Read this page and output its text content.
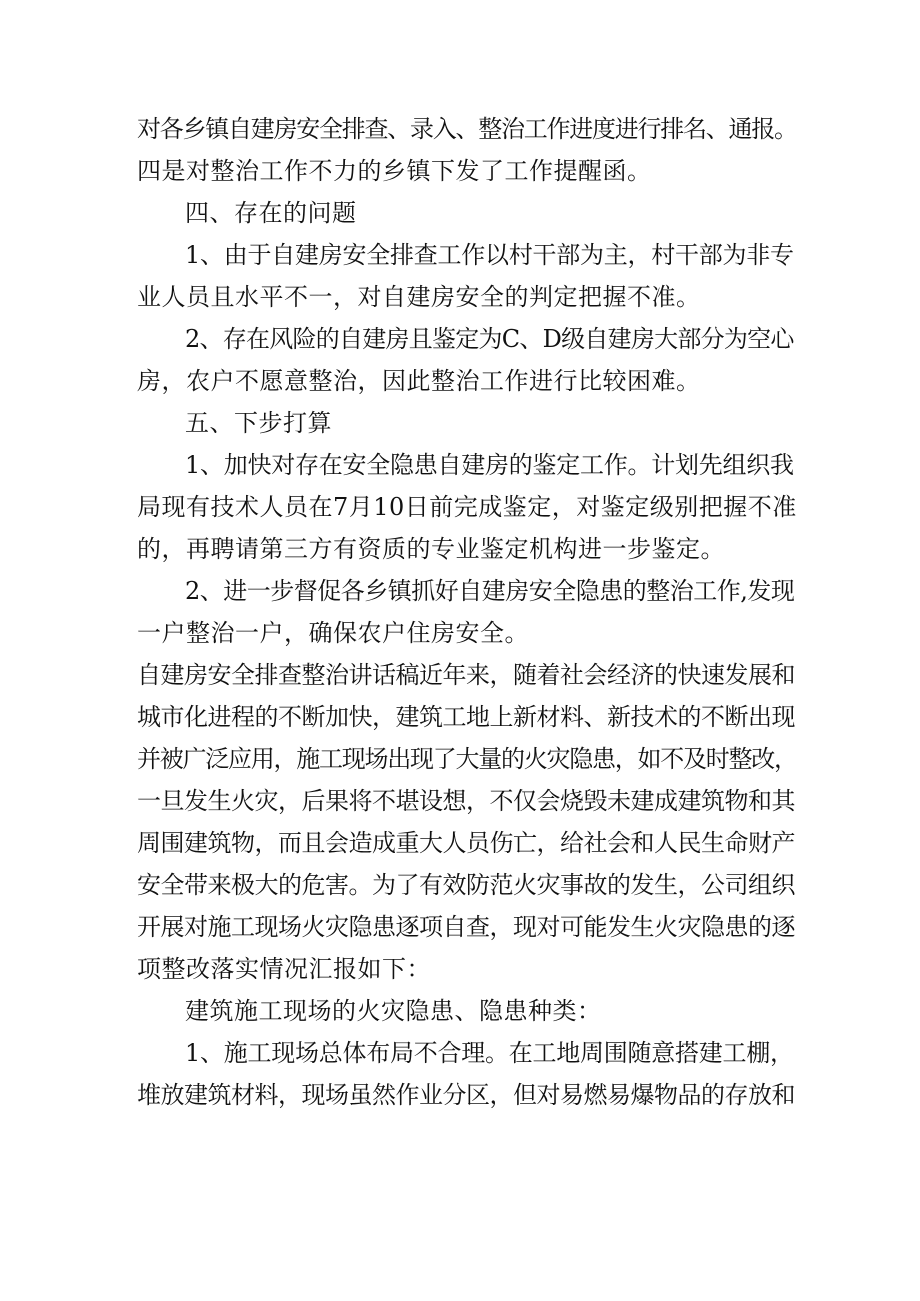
对各乡镇自建房安全排查、录入、整治工作进度进行排名、通报。
四是对整治工作不力的乡镇下发了工作提醒函。
四、存在的问题
1、由于自建房安全排查工作以村干部为主，村干部为非专
业人员且水平不一，对自建房安全的判定把握不准。
2、存在风险的自建房且鉴定为C、D级自建房大部分为空心
房，农户不愿意整治，因此整治工作进行比较困难。
五、下步打算
1、加快对存在安全隐患自建房的鉴定工作。计划先组织我
局现有技术人员在7月10日前完成鉴定，对鉴定级别把握不准
的，再聘请第三方有资质的专业鉴定机构进一步鉴定。
2、进一步督促各乡镇抓好自建房安全隐患的整治工作,发现
一户整治一户，确保农户住房安全。
自建房安全排查整治讲话稿近年来，随着社会经济的快速发展和
城市化进程的不断加快，建筑工地上新材料、新技术的不断出现
并被广泛应用，施工现场出现了大量的火灾隐患，如不及时整改，
一旦发生火灾，后果将不堪设想，不仅会烧毁未建成建筑物和其
周围建筑物，而且会造成重大人员伤亡，给社会和人民生命财产
安全带来极大的危害。为了有效防范火灾事故的发生，公司组织
开展对施工现场火灾隐患逐项自查，现对可能发生火灾隐患的逐
项整改落实情况汇报如下：
建筑施工现场的火灾隐患、隐患种类：
1、施工现场总体布局不合理。在工地周围随意搭建工棚，
堆放建筑材料，现场虽然作业分区，但对易燃易爆物品的存放和
